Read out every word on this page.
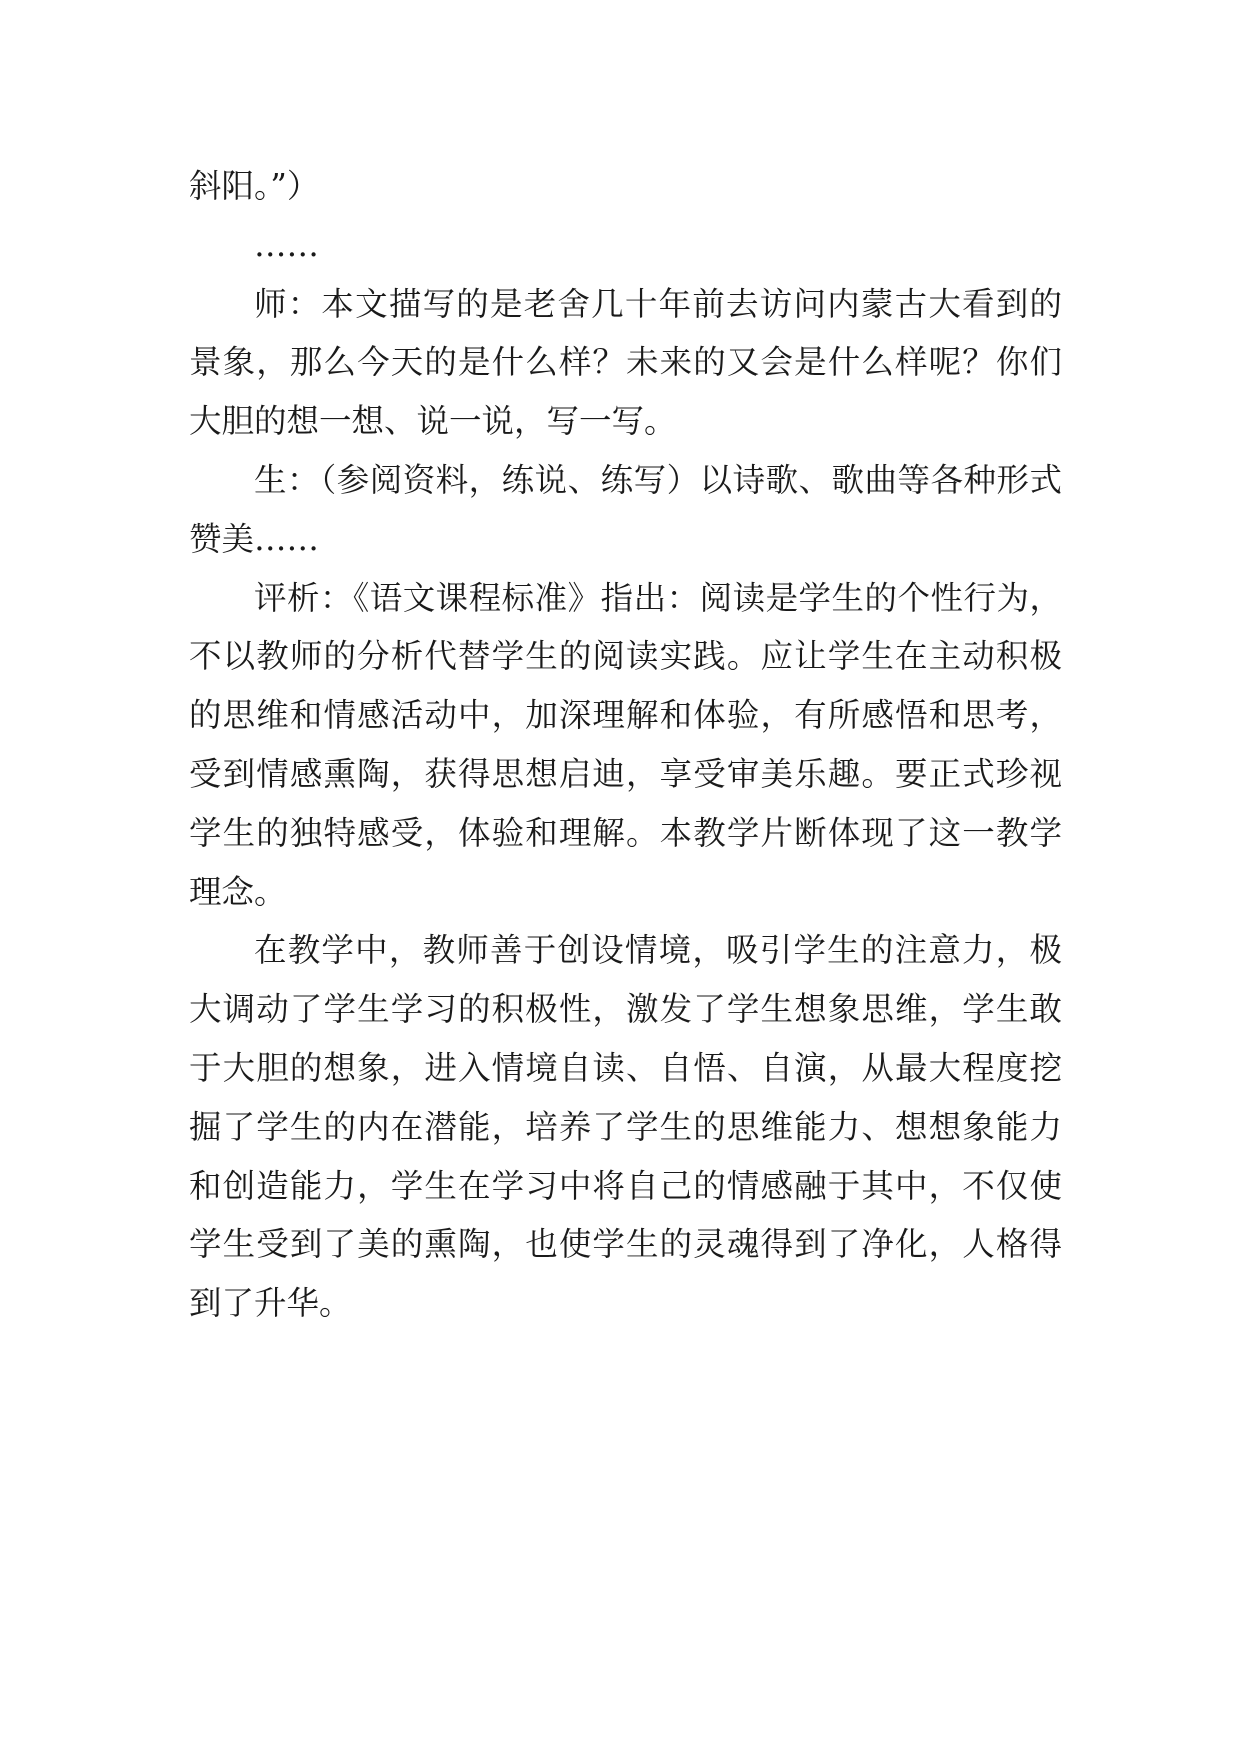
斜阳。”）

……

师：本文描写的是老舍几十年前去访问内蒙古大看到的景象，那么今天的是什么样？未来的又会是什么样呢？你们大胆的想一想、说一说，写一写。

生：（参阅资料，练说、练写）以诗歌、歌曲等各种形式赞美……

评析：《语文课程标准》指出：阅读是学生的个性行为，不以教师的分析代替学生的阅读实践。应让学生在主动积极的思维和情感活动中，加深理解和体验，有所感悟和思考，受到情感熏陶，获得思想启迪，享受审美乐趣。要正式珍视学生的独特感受，体验和理解。本教学片断体现了这一教学理念。

在教学中，教师善于创设情境，吸引学生的注意力，极大调动了学生学习的积极性，激发了学生想象思维，学生敢于大胆的想象，进入情境自读、自悟、自演，从最大程度挖掘了学生的内在潜能，培养了学生的思维能力、想想象能力和创造能力，学生在学习中将自己的情感融于其中，不仅使学生受到了美的熏陶，也使学生的灵魂得到了净化，人格得到了升华。
